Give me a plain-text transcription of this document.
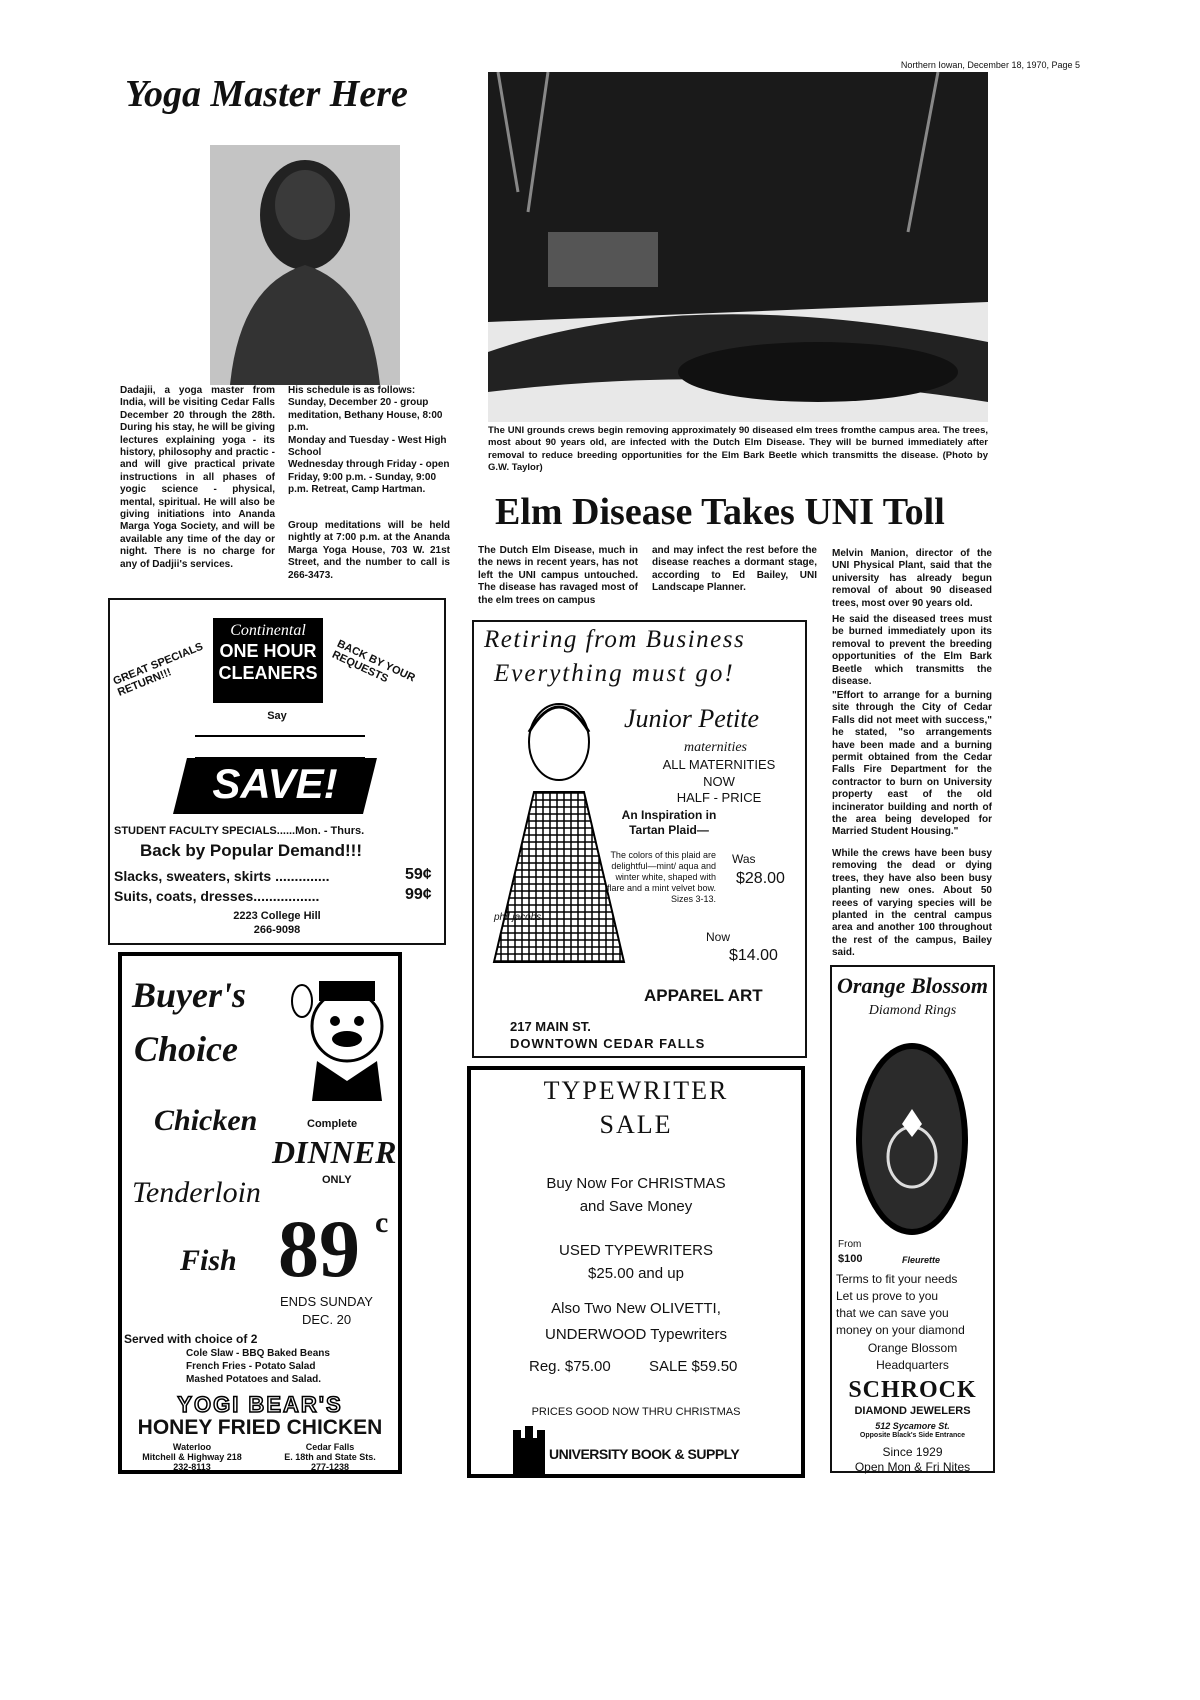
Northern Iowan, December 18, 1970, Page 5
Yoga Master Here

Dadajii, a yoga master from India, will be visiting Cedar Falls December 20 through the 28th. During his stay, he will be giving lectures explaining yoga - its history, philosophy and practic - and will give practical private instructions in all phases of yogic science - physical, mental, spiritual. He will also be giving initiations into Ananda Marga Yoga Society, and will be available any time of the day or night. There is no charge for any of Dadjii's services.

His schedule is as follows:
Sunday, December 20 - group meditation, Bethany House, 8:00 p.m.
Monday and Tuesday - West High School
Wednesday through Friday - open Friday, 9:00 p.m. - Sunday, 9:00 p.m. Retreat, Camp Hartman.

Group meditations will be held nightly at 7:00 p.m. at the Ananda Marga Yoga House, 703 W. 21st Street, and the number to call is 266-3473.

The UNI grounds crews begin removing approximately 90 diseased elm trees fromthe campus area. The trees, most about 90 years old, are infected with the Dutch Elm Disease. They will be burned immediately after removal to reduce breeding opportunities for the Elm Bark Beetle which transmitts the disease. (Photo by G.W. Taylor)

Elm Disease Takes UNI Toll

The Dutch Elm Disease, much in the news in recent years, has not left the UNI campus untouched. The disease has ravaged most of the elm trees on campus

and may infect the rest before the disease reaches a dormant stage, according to Ed Bailey, UNI Landscape Planner.

Melvin Manion, director of the UNI Physical Plant, said that the university has already begun removal of about 90 diseased trees, most over 90 years old.

He said the diseased trees must be burned immediately upon its removal to prevent the breeding opportunities of the Elm Bark Beetle which transmitts the disease.

"Effort to arrange for a burning site through the City of Cedar Falls did not meet with success," he stated, "so arrangements have been made and a burning permit obtained from the Cedar Falls Fire Department for the contractor to burn on University property east of the old incinerator building and north of the area being developed for Married Student Housing."

While the crews have been busy removing the dead or dying trees, they have also been busy planting new ones. About 50 reees of varying species will be planted in the central campus area and another 100 throughout the rest of the campus, Bailey said.

Continental
ONE HOUR
CLEANERS
GREAT SPECIALS RETURN!!!	BACK BY YOUR REQUESTS
Say
SAVE!
STUDENT FACULTY SPECIALS......Mon. - Thurs.
Back by Popular Demand!!!
Slacks, sweaters, skirts ..............	59¢
Suits, coats, dresses.................	99¢
2223 College Hill
266-9098
Buyer's
Choice
Chicken	Complete
DINNER
ONLY
Tenderloin
Fish 89 c
ENDS SUNDAY
DEC. 20
Served with choice of 2
Cole Slaw - BBQ Baked Beans
French Fries - Potato Salad
Mashed Potatoes and Salad.
YOGI BEAR'S
HONEY FRIED CHICKEN
Waterloo
Mitchell & Highway 218
232-8113
Cedar Falls
E. 18th and State Sts.
277-1238
Retiring from Business
Everything must go!
phil jacobs
Junior Petite
maternities
ALL MATERNITIES
NOW
HALF - PRICE
An Inspiration in
Tartan Plaid—
The colors of this plaid are delightful—mint/ aqua and winter white, shaped with flare and a mint velvet bow. Sizes 3-13.
Was
$28.00
Now
$14.00
APPAREL ART
217 MAIN ST.
DOWNTOWN CEDAR FALLS
TYPEWRITER
SALE
Buy Now For CHRISTMAS
and Save Money
USED TYPEWRITERS
$25.00 and up
Also Two New OLIVETTI,
UNDERWOOD Typewriters
Reg. $75.00	SALE $59.50
PRICES GOOD NOW THRU CHRISTMAS
UNIVERSITY BOOK & SUPPLY
Orange Blossom
Diamond Rings
From
$100	Fleurette
Terms to fit your needs
Let us prove to you
that we can save you
money on your diamond
Orange Blossom
Headquarters
SCHROCK
DIAMOND JEWELERS
512 Sycamore St.
Opposite Black's Side Entrance
Since 1929
Open Mon & Fri Nites
